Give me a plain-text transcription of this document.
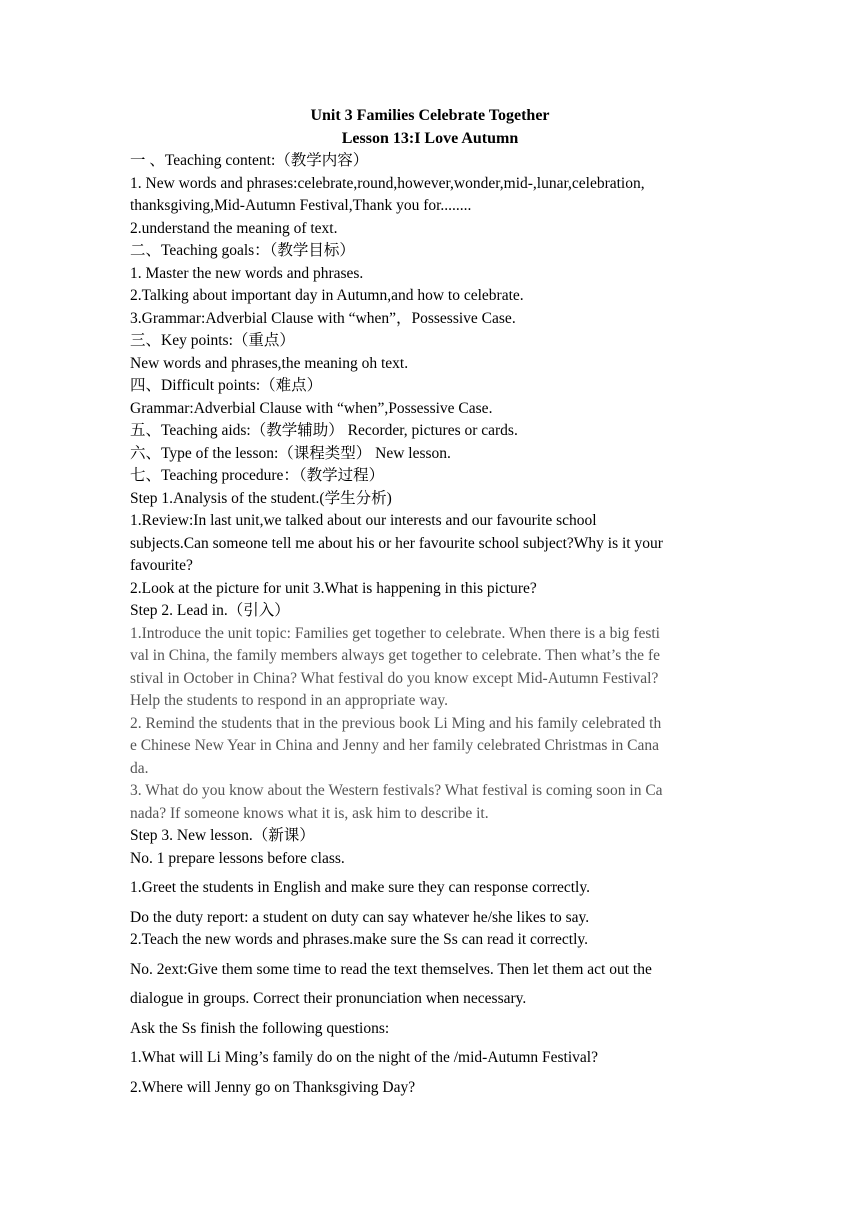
Unit 3 Families Celebrate Together

Lesson 13:I Love Autumn

一 、Teaching content:（教学内容）

1. New words and phrases:celebrate,round,however,wonder,mid-,lunar,celebration,

thanksgiving,Mid-Autumn Festival,Thank you for........

2.understand the meaning of text.

二、Teaching goals：（教学目标）

1. Master the new words and phrases.

2.Talking about important day in Autumn,and how to celebrate.

3.Grammar:Adverbial Clause with “when”，Possessive Case.

三、Key points:（重点）

New words and phrases,the meaning oh text.

四、Difficult points:（难点）

Grammar:Adverbial Clause with “when”,Possessive Case.

五、Teaching aids:（教学辅助） Recorder, pictures or cards.

六、Type of the lesson:（课程类型） New lesson.

七、Teaching procedure：（教学过程）

Step 1.Analysis of the student.(学生分析)

1.Review:In last unit,we talked about our interests and our favourite school

subjects.Can someone tell me about his or her favourite school subject?Why is it your

favourite?

2.Look at the picture for unit 3.What is happening in this picture?

Step 2. Lead in.（引入）

1.Introduce the unit topic: Families get together to celebrate. When there is a big festi

val in China, the family members always get together to celebrate. Then what’s the fe

stival in October in China? What festival do you know except Mid-Autumn Festival?

Help the students to respond in an appropriate way.

2. Remind the students that in the previous book Li Ming and his family celebrated th

e Chinese New Year in China and Jenny and her family celebrated Christmas in Cana

da.

3. What do you know about the Western festivals? What festival is coming soon in Ca

nada? If someone knows what it is, ask him to describe it.

Step 3. New lesson.（新课）

No. 1 prepare lessons before class.

1.Greet the students in English and make sure they can response correctly.

Do the duty report: a student on duty can say whatever he/she likes to say.

2.Teach the new words and phrases.make sure the Ss can read it correctly.

No. 2ext:Give them some time to read the text themselves. Then let them act out the

dialogue in groups. Correct their pronunciation when necessary.

Ask the Ss finish the following questions:

1.What will Li Ming’s family do on the night of the /mid-Autumn Festival?

2.Where will Jenny go on Thanksgiving Day?
